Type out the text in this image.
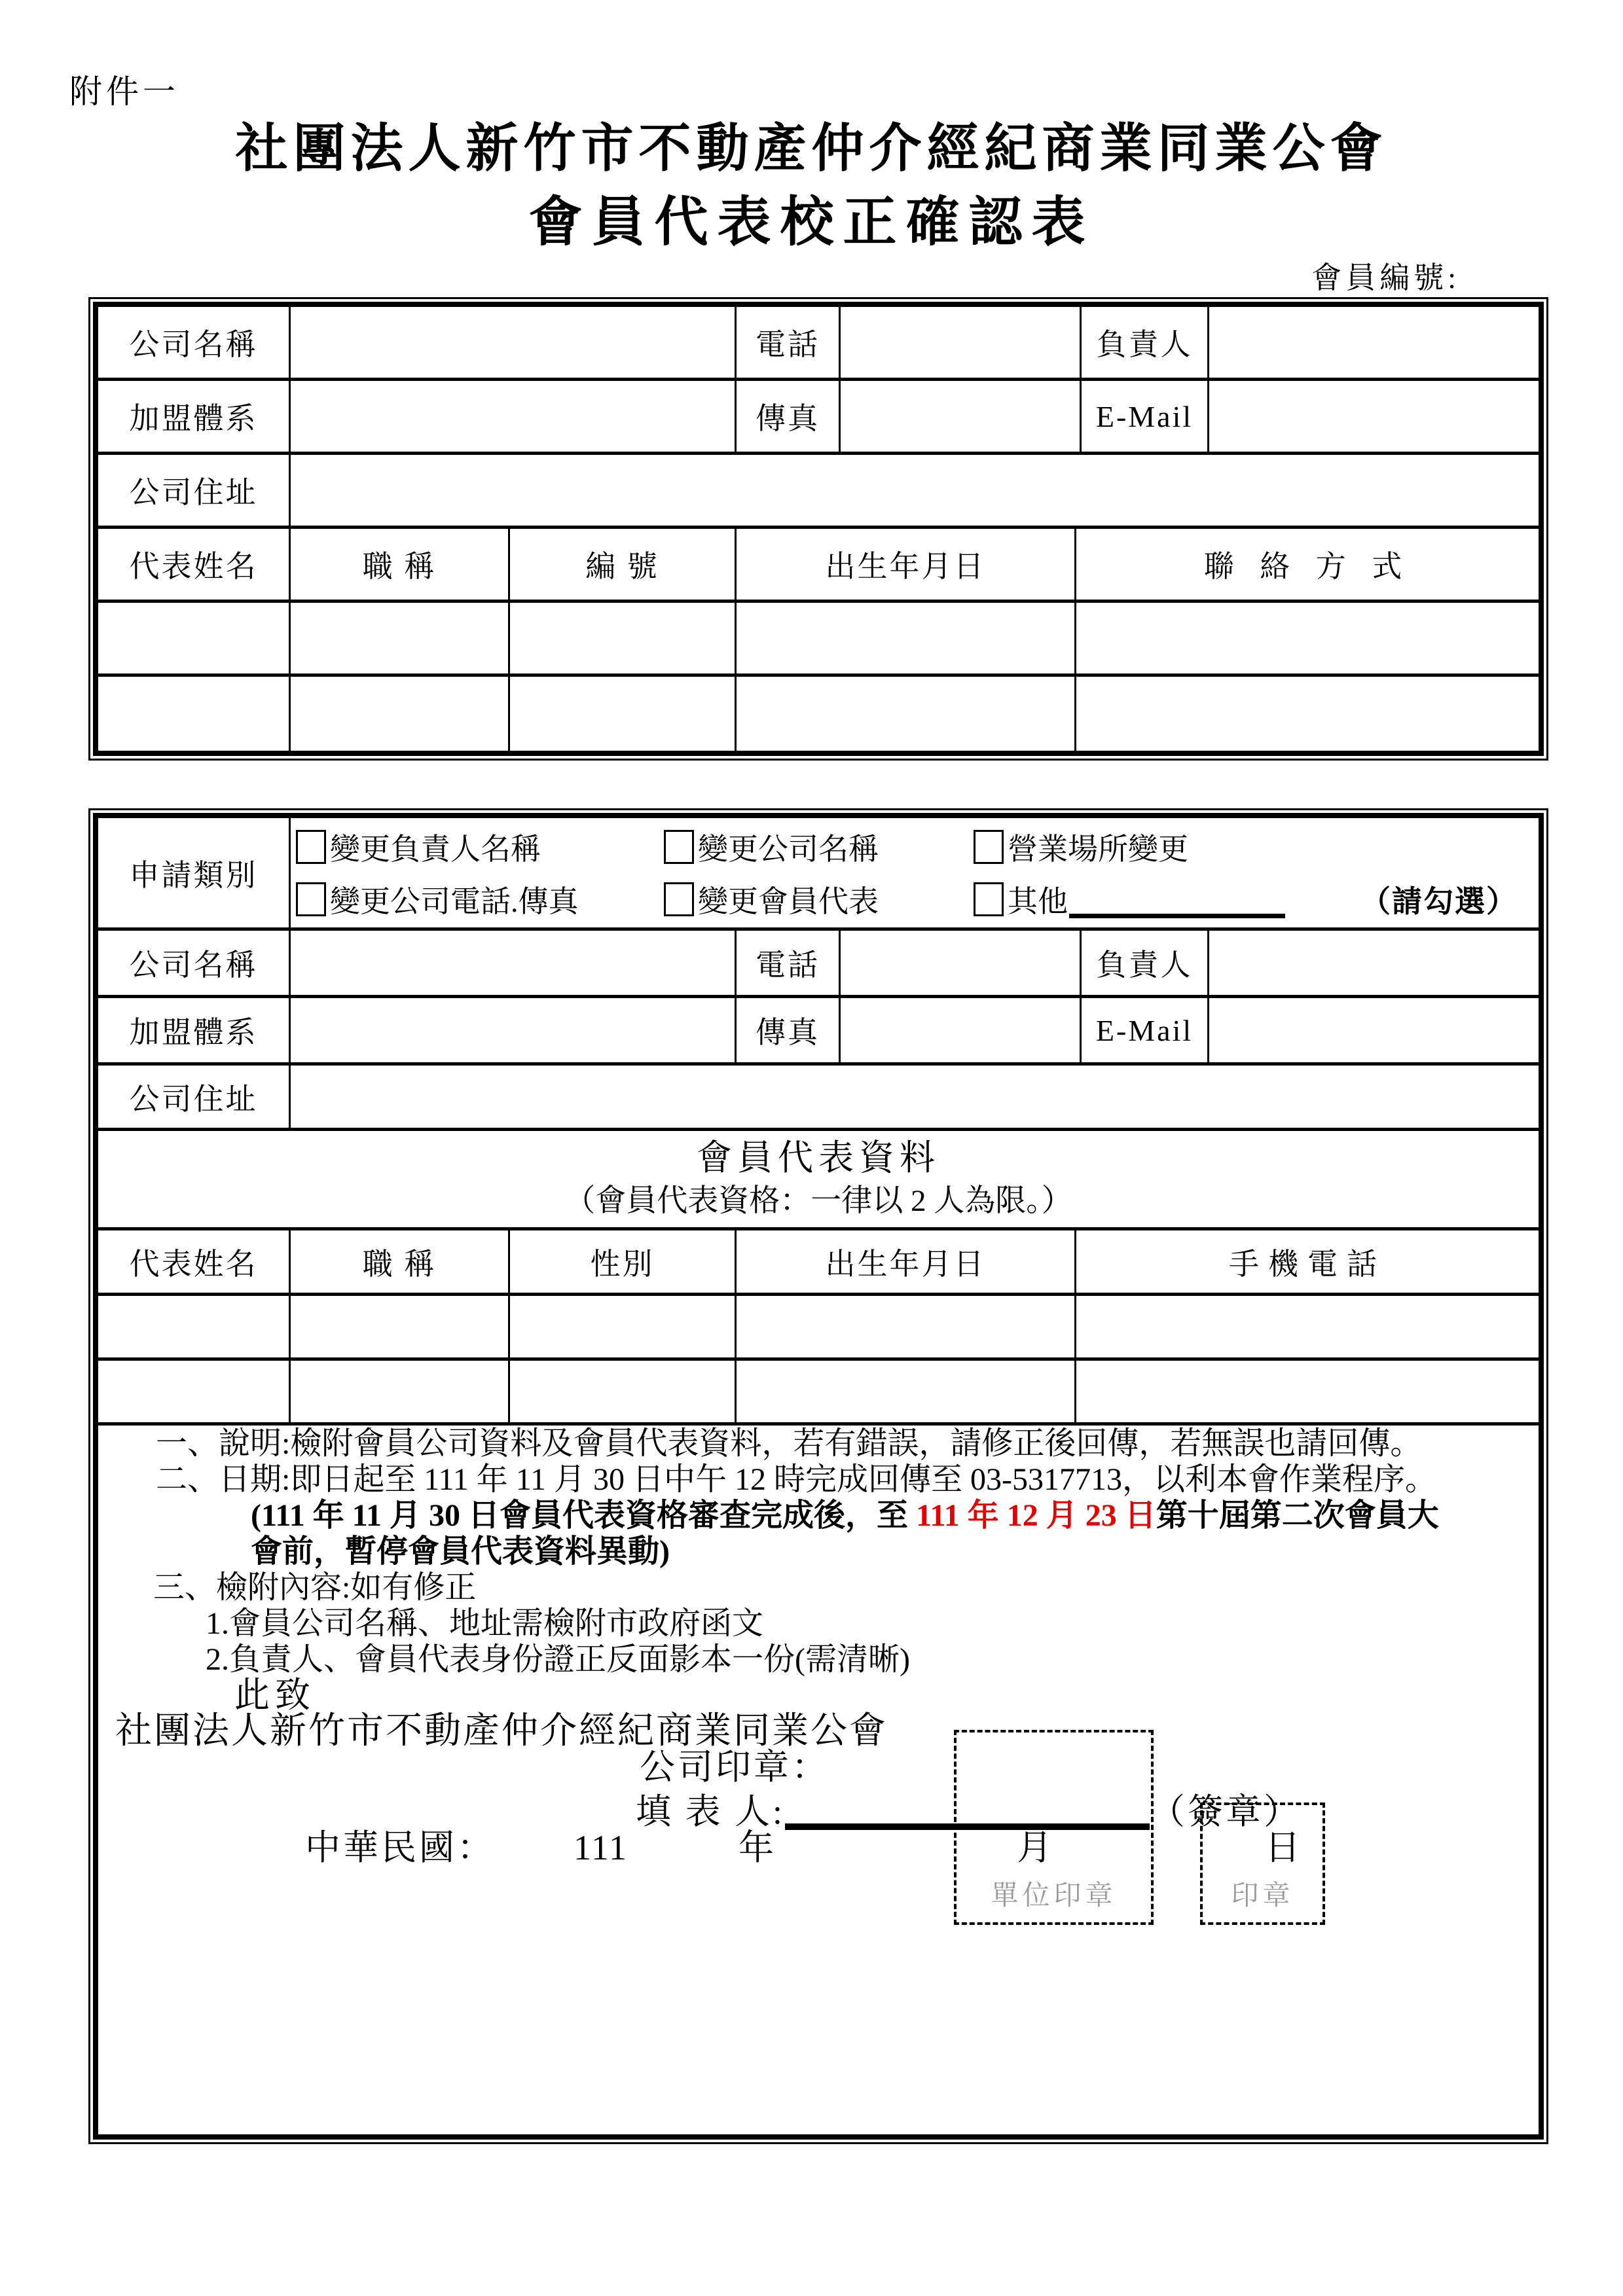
附件一
社團法人新竹市不動產仲介經紀商業同業公會
會員代表校正確認表
會員編號:
公司名稱	電話	負責人
加盟體系	傳真	E-Mail
公司住址
代表姓名	職 稱	編 號	出生年月日	聯 絡 方 式
申請類別
變更負責人名稱	變更公司名稱	營業場所變更
變更公司電話.傳真	變更會員代表	其他	（請勾選）
公司名稱	電話	負責人
加盟體系	傳真	E-Mail
公司住址
會員代表資料
（會員代表資格：一律以 2 人為限。）
代表姓名	職 稱	性別	出生年月日	手機電話

一、說明:檢附會員公司資料及會員代表資料，若有錯誤，請修正後回傳，若無誤也請回傳。

二、日期:即日起至 111 年 11 月 30 日中午 12 時完成回傳至 03-5317713，以利本會作業程序。

(111 年 11 月 30 日會員代表資格審查完成後，至 111 年 12 月 23 日第十屆第二次會員大

會前，暫停會員代表資料異動)

三、檢附內容:如有修正

1.會員公司名稱、地址需檢附市政府函文

2.負責人、會員代表身份證正反面影本一份(需清晰)

此致

社團法人新竹市不動產仲介經紀商業同業公會

公司印章：

單位印章	印章

填 表 人:	（簽章）

中華民國： 111	年	月	日
